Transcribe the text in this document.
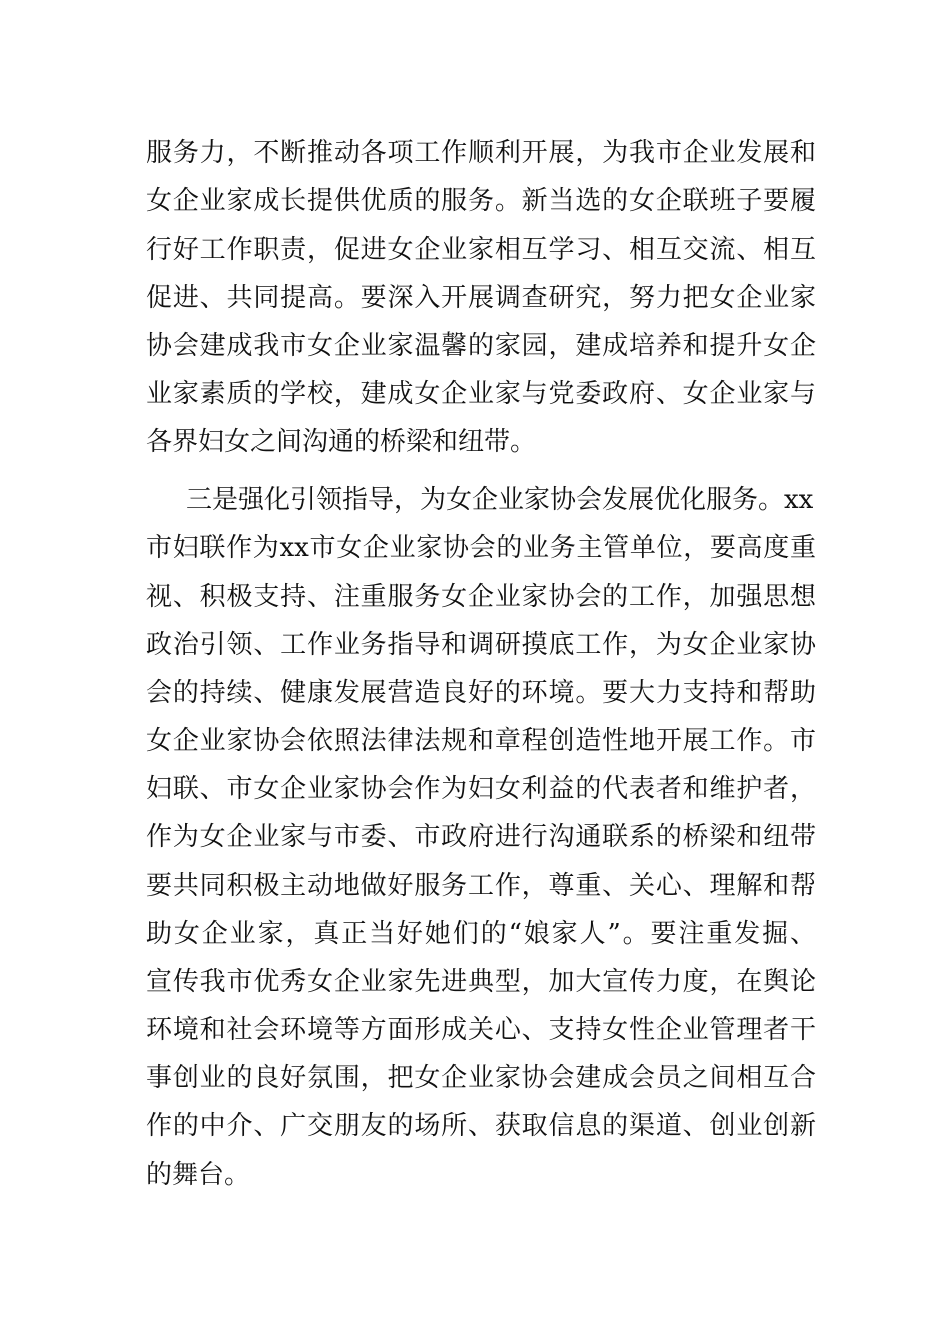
服务力，不断推动各项工作顺利开展，为我市企业发展和
女企业家成长提供优质的服务。新当选的女企联班子要履
行好工作职责，促进女企业家相互学习、相互交流、相互
促进、共同提高。要深入开展调查研究，努力把女企业家
协会建成我市女企业家温馨的家园，建成培养和提升女企
业家素质的学校，建成女企业家与党委政府、女企业家与
各界妇女之间沟通的桥梁和纽带。
三是强化引领指导，为女企业家协会发展优化服务。xx
市妇联作为xx市女企业家协会的业务主管单位，要高度重
视、积极支持、注重服务女企业家协会的工作，加强思想
政治引领、工作业务指导和调研摸底工作，为女企业家协
会的持续、健康发展营造良好的环境。要大力支持和帮助
女企业家协会依照法律法规和章程创造性地开展工作。市
妇联、市女企业家协会作为妇女利益的代表者和维护者，
作为女企业家与市委、市政府进行沟通联系的桥梁和纽带
要共同积极主动地做好服务工作，尊重、关心、理解和帮
助女企业家，真正当好她们的“娘家人”。要注重发掘、
宣传我市优秀女企业家先进典型，加大宣传力度，在舆论
环境和社会环境等方面形成关心、支持女性企业管理者干
事创业的良好氛围，把女企业家协会建成会员之间相互合
作的中介、广交朋友的场所、获取信息的渠道、创业创新
的舞台。
